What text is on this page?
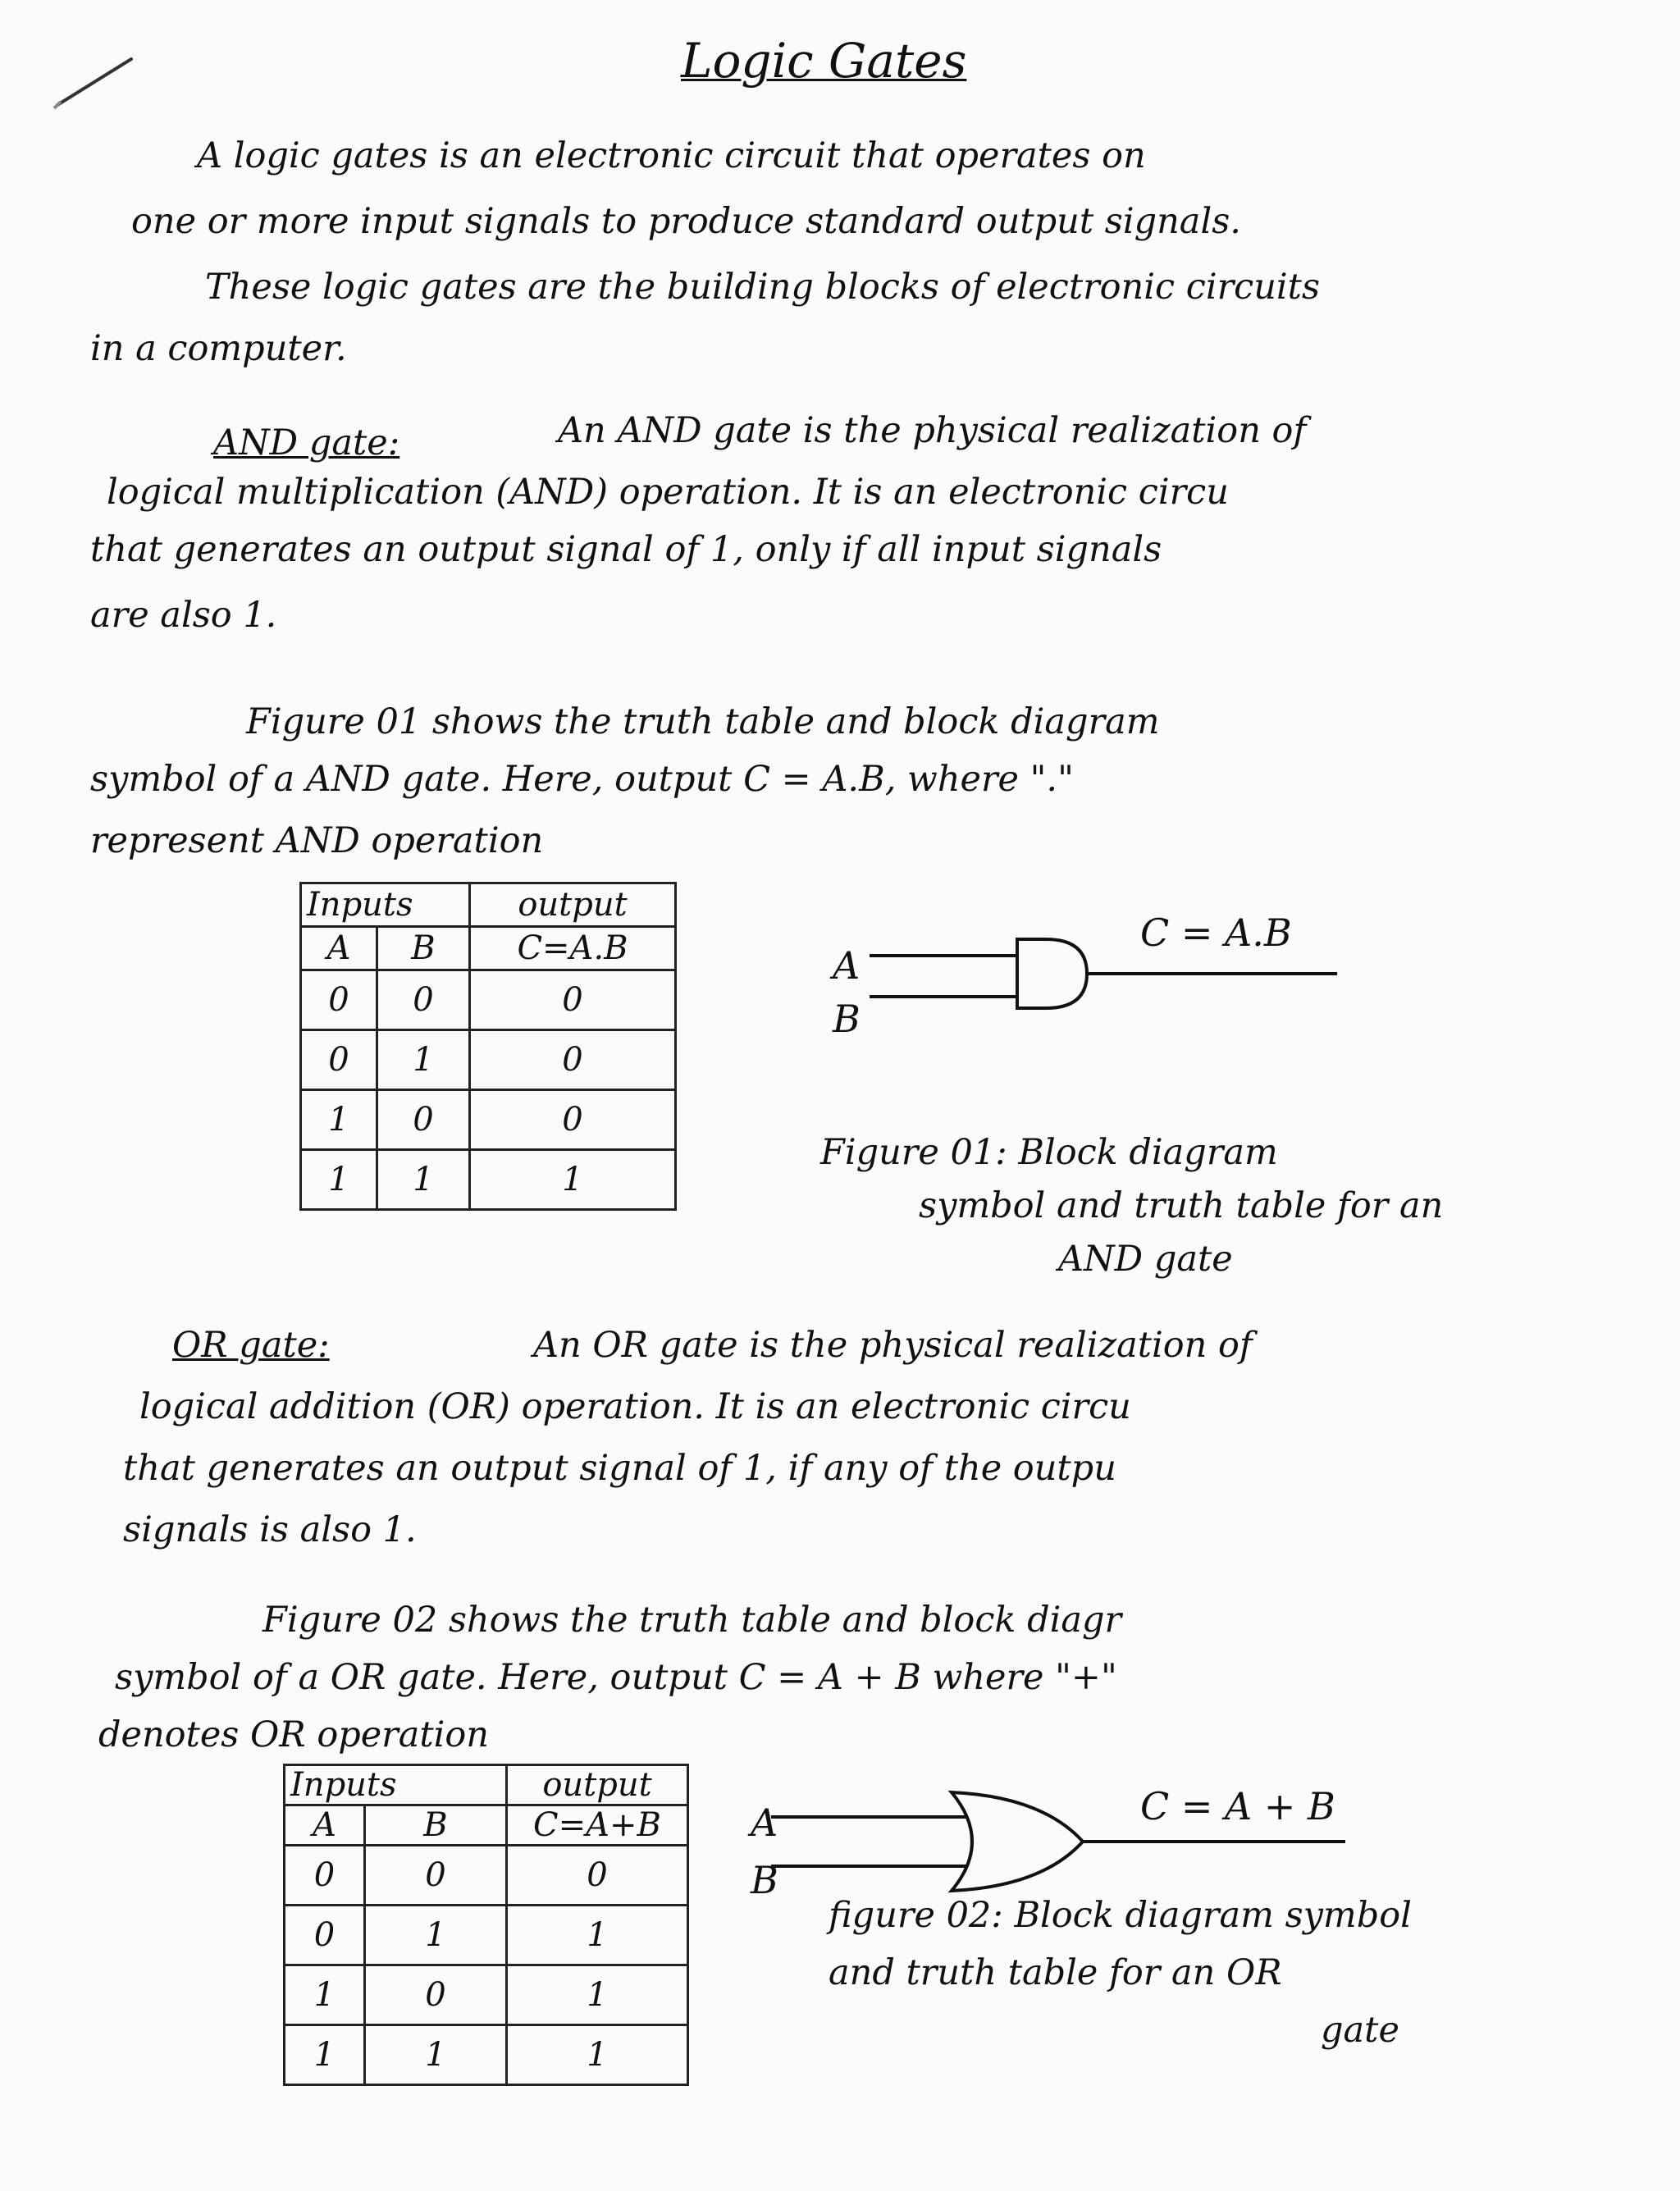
Logic Gates
A logic gates is an electronic circuit that operates on
one or more input signals to produce standard output signals.
These logic gates are the building blocks of electronic circuits
in a computer.
AND gate:	An AND gate is the physical realization of
logical multiplication (AND) operation. It is an electronic circu
that generates an output signal of 1, only if all input signals
are also 1.
Figure 01 shows the truth table and block diagram
symbol of a AND gate. Here, output C = A.B, where "."
represent AND operation
Inputs		output
A	B	C=A.B
0	0	0
0	1	0
1	0	0
1	1	1
A
B
C = A.B
Figure 01: Block diagram
symbol and truth table for an
AND gate
OR gate:	An OR gate is the physical realization of
logical addition (OR) operation. It is an electronic circu
that generates an output signal of 1, if any of the outpu
signals is also 1.
Figure 02 shows the truth table and block diagr
symbol of a OR gate. Here, output C = A + B where "+"
denotes OR operation
Inputs		output
A	B	C=A+B
0	0	0
0	1	1
1	0	1
1	1	1
A
B
C = A + B
figure 02: Block diagram symbol
and truth table for an OR
gate
